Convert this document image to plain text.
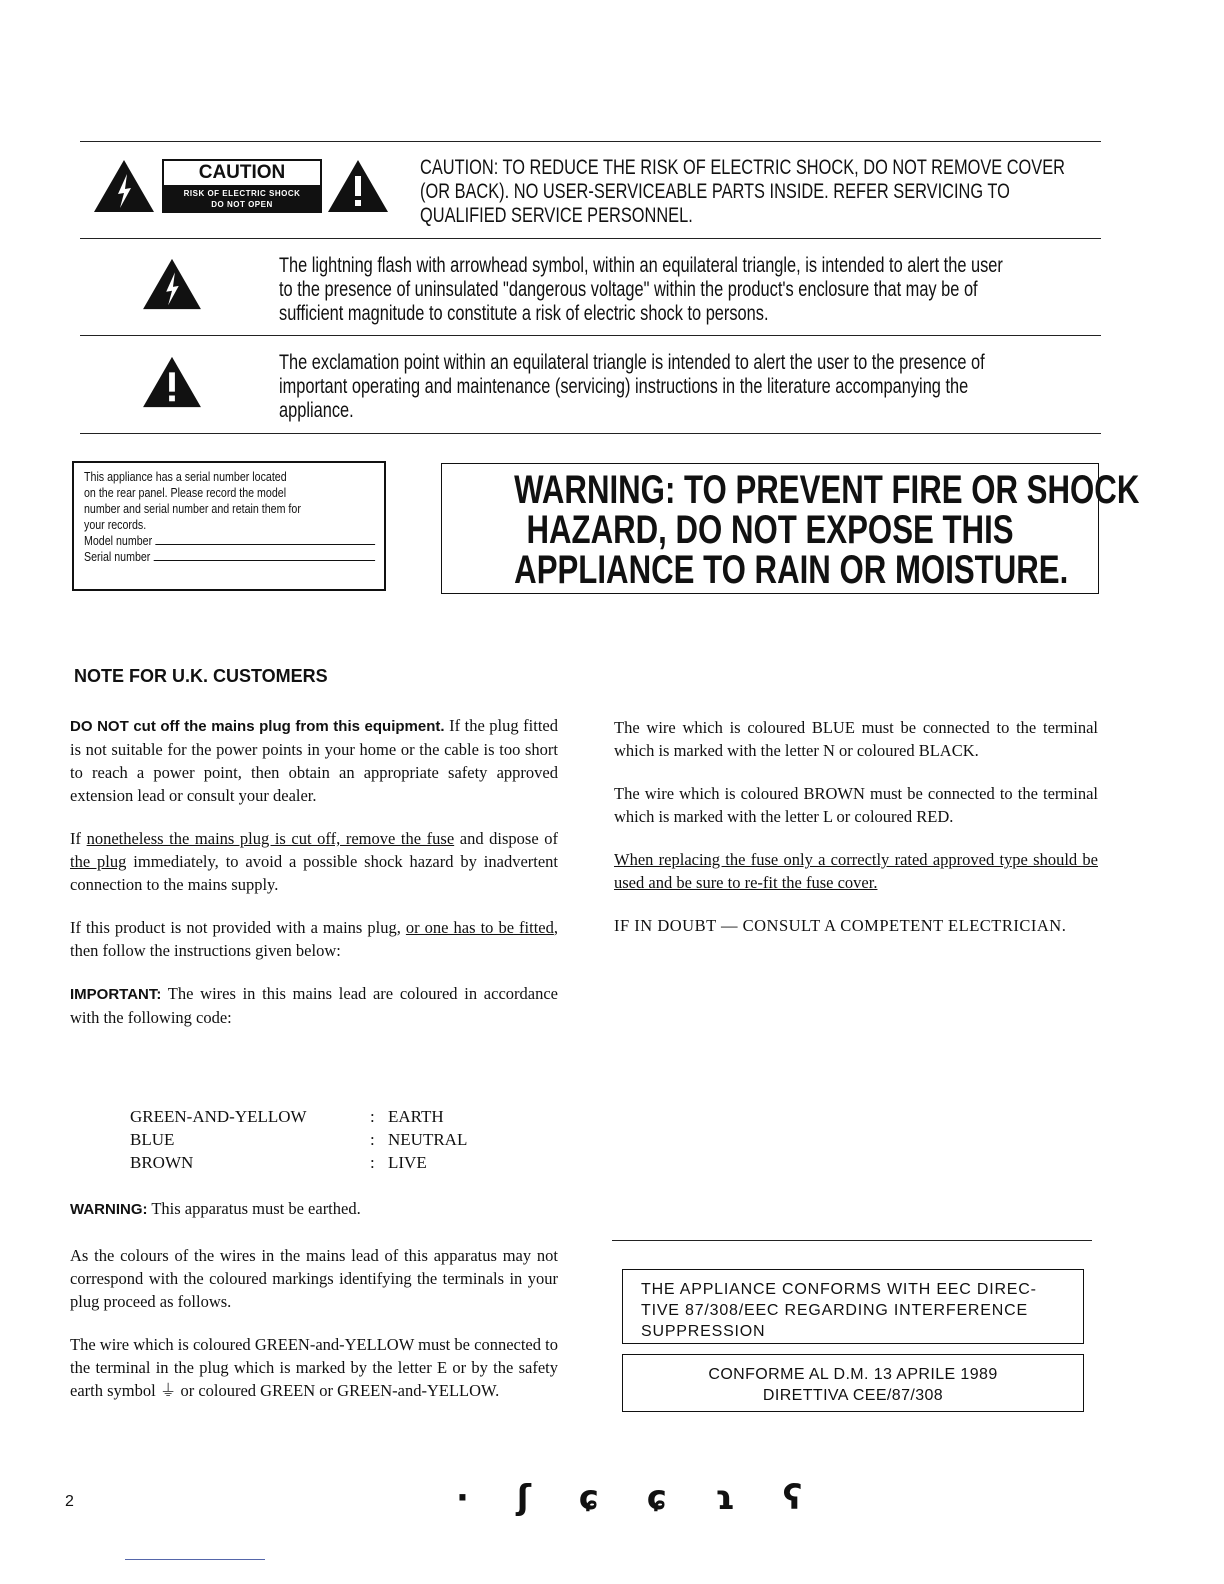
CAUTION
RISK OF ELECTRIC SHOCK
DO NOT OPEN
CAUTION: TO REDUCE THE RISK OF ELECTRIC SHOCK, DO NOT REMOVE COVER
(OR BACK). NO USER-SERVICEABLE PARTS INSIDE. REFER SERVICING TO
QUALIFIED SERVICE PERSONNEL.
The lightning flash with arrowhead symbol, within an equilateral triangle, is intended to alert the user
to the presence of uninsulated "dangerous voltage" within the product's enclosure that may be of
sufficient magnitude to constitute a risk of electric shock to persons.
The exclamation point within an equilateral triangle is intended to alert the user to the presence of
important operating and maintenance (servicing) instructions in the literature accompanying the
appliance.
This appliance has a serial number located
on the rear panel. Please record the model
number and serial number and retain them for
your records.
Model number
Serial number
WARNING: TO PREVENT FIRE OR SHOCK
HAZARD, DO NOT EXPOSE THIS
APPLIANCE TO RAIN OR MOISTURE.
NOTE FOR U.K. CUSTOMERS

DO NOT cut off the mains plug from this equipment. If the plug fitted is not suitable for the power points in your home or the cable is too short to reach a power point, then obtain an appropriate safety approved extension lead or consult your dealer.

If nonetheless the mains plug is cut off, remove the fuse and dispose of the plug immediately, to avoid a possible shock hazard by inadvertent connection to the mains supply.

If this product is not provided with a mains plug, or one has to be fitted, then follow the instructions given below:

IMPORTANT: The wires in this mains lead are coloured in accordance with the following code:

GREEN-AND-YELLOW	:	EARTH
BLUE	:	NEUTRAL
BROWN	:	LIVE

WARNING: This apparatus must be earthed.

As the colours of the wires in the mains lead of this apparatus may not correspond with the coloured markings identifying the terminals in your plug proceed as follows.

The wire which is coloured GREEN-and-YELLOW must be connected to the terminal in the plug which is marked by the letter E or by the safety earth symbol ⏚ or coloured GREEN or GREEN-and-YELLOW.

The wire which is coloured BLUE must be connected to the terminal which is marked with the letter N or coloured BLACK.

The wire which is coloured BROWN must be connected to the terminal which is marked with the letter L or coloured RED.

When replacing the fuse only a correctly rated approved type should be used and be sure to re-fit the fuse cover.

IF IN DOUBT — CONSULT A COMPETENT ELECTRICIAN.

THE APPLIANCE CONFORMS WITH EEC DIREC-
TIVE 87/308/EEC REGARDING INTERFERENCE
SUPPRESSION
CONFORME AL D.M. 13 APRILE 1989
DIRETTIVA CEE/87/308
2	· ʃ ɕ ɕ ɿ ʕ
